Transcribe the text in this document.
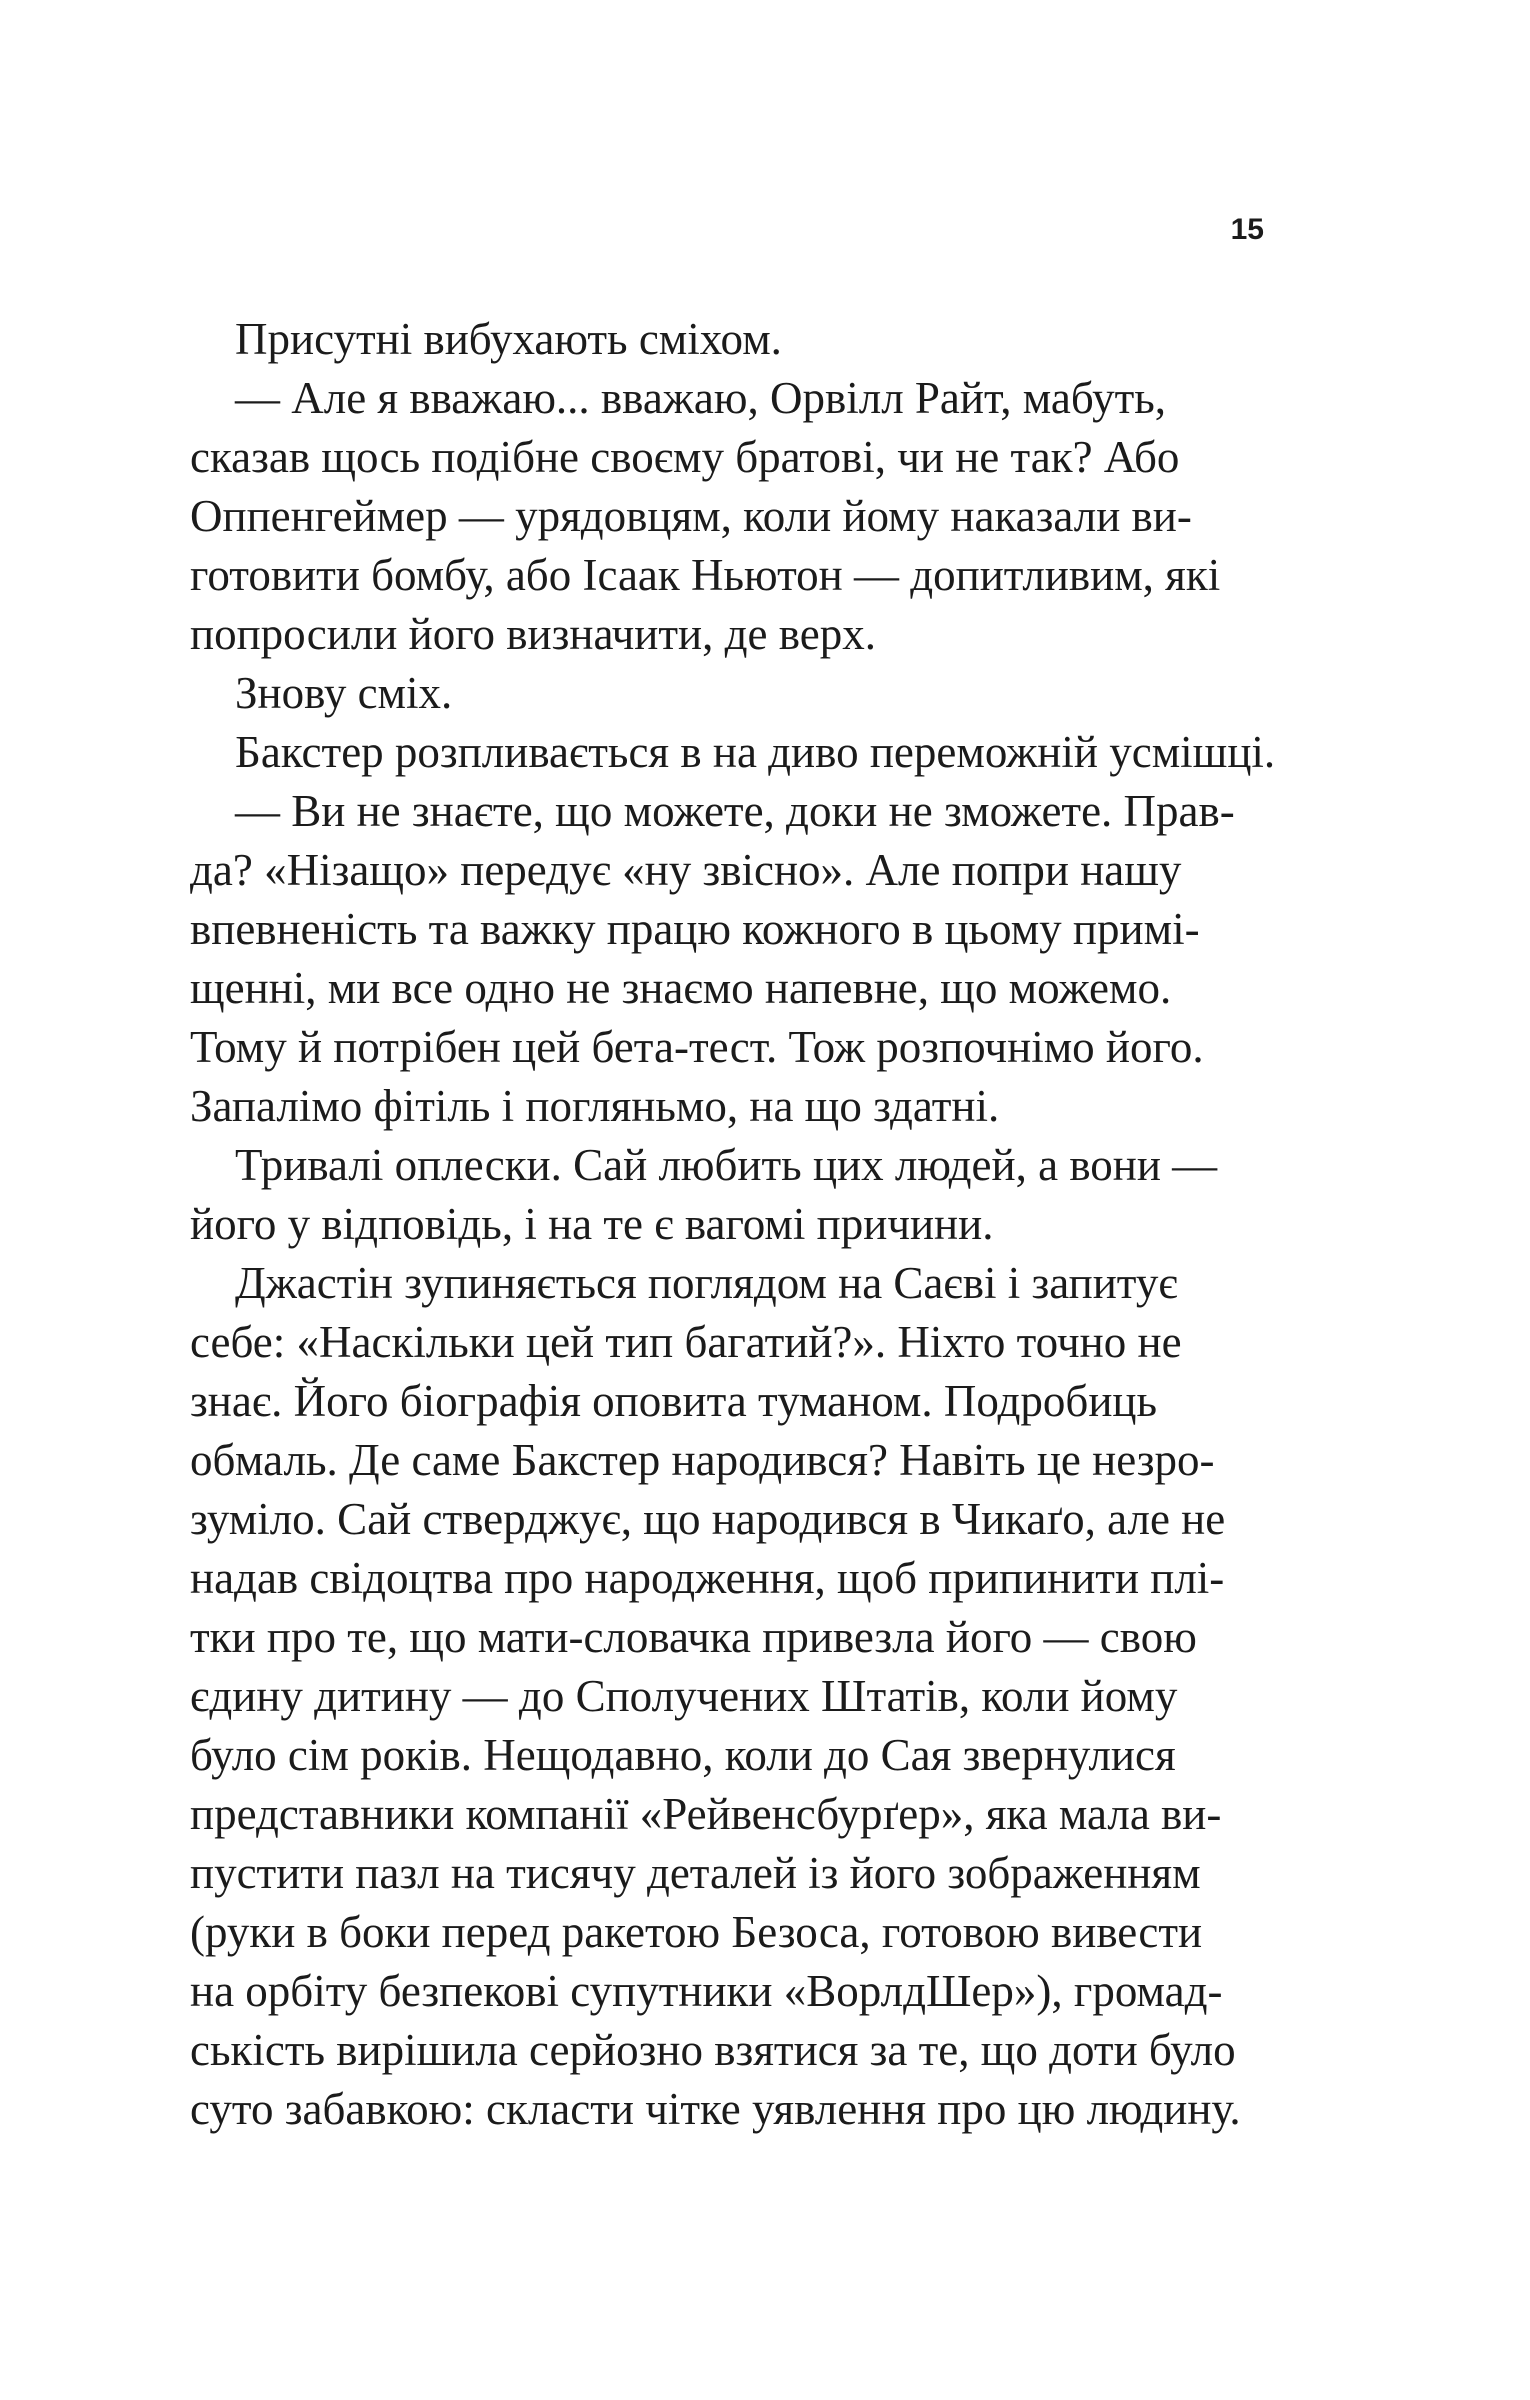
15
Присутні вибухають сміхом.
— Але я вважаю... вважаю, Орвілл Райт, мабуть,
сказав щось подібне своєму братові, чи не так? Або
Оппенгеймер — урядовцям, коли йому наказали ви-
готовити бомбу, або Ісаак Ньютон — допитливим, які
попросили його визначити, де верх.
Знову сміх.
Бакстер розпливається в на диво переможній усмішці.
— Ви не знаєте, що можете, доки не зможете. Прав-
да? «Нізащо» передує «ну звісно». Але попри нашу
впевненість та важку працю кожного в цьому примі-
щенні, ми все одно не знаємо напевне, що можемо.
Тому й потрібен цей бета-тест. Тож розпочнімо його.
Запалімо фітіль і погляньмо, на що здатні.
Тривалі оплески. Сай любить цих людей, а вони —
його у відповідь, і на те є вагомі причини.
Джастін зупиняється поглядом на Саєві і запитує
себе: «Наскільки цей тип багатий?». Ніхто точно не
знає. Його біографія оповита туманом. Подробиць
обмаль. Де саме Бакстер народився? Навіть це незро-
зуміло. Сай стверджує, що народився в Чикаґо, але не
надав свідоцтва про народження, щоб припинити плі-
тки про те, що мати-словачка привезла його — свою
єдину дитину — до Сполучених Штатів, коли йому
було сім років. Нещодавно, коли до Сая звернулися
представники компанії «Рейвенсбурґер», яка мала ви-
пустити пазл на тисячу деталей із його зображенням
(руки в боки перед ракетою Безоса, готовою вивести
на орбіту безпекові супутники «ВорлдШер»), громад-
ськість вирішила серйозно взятися за те, що доти було
суто забавкою: скласти чітке уявлення про цю людину.
